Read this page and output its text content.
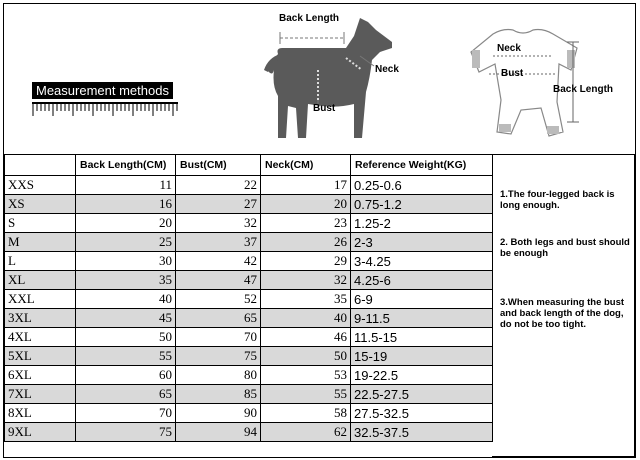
Measurement methods
Back Length
Neck
Bust
Neck
Bust
Back Length
	Back Length(CM)	Bust(CM)	Neck(CM)	Reference Weight(KG)
XXS	11	22	17	0.25-0.6
XS	16	27	20	0.75-1.2
S	20	32	23	1.25-2
M	25	37	26	2-3
L	30	42	29	3-4.25
XL	35	47	32	4.25-6
XXL	40	52	35	6-9
3XL	45	65	40	9-11.5
4XL	50	70	46	11.5-15
5XL	55	75	50	15-19
6XL	60	80	53	19-22.5
7XL	65	85	55	22.5-27.5
8XL	70	90	58	27.5-32.5
9XL	75	94	62	32.5-37.5
1.The four-legged back is long enough.
2. Both legs and bust should be enough
3.When measuring the bust and back length of the dog, do not be too tight.
